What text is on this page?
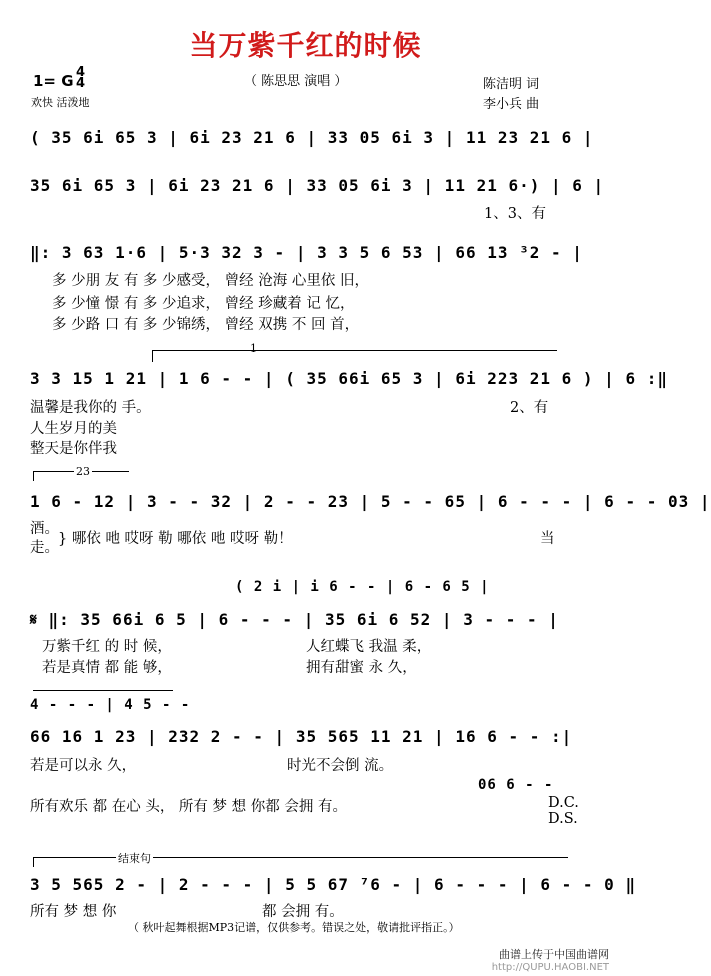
当万紫千红的时候
（ 陈思思 演唱 ）
1= G 4
4
欢快 活泼地
陈洁明 词
李小兵 曲
( 35 6i 65 3 | 6i 23 21 6 | 33 05 6i 3 | 11 23 21 6 |
35 6i 65 3 | 6i 23 21 6 | 33 05 6i 3 | 11 21 6·) | 6 |
1、3、有
‖: 3 63 1·6 | 5·3 32 3 - | 3 3 5 6 53 | 66 13 ³2 - |
多 少朋 友 有 多 少感受， 曾经 沧海 心里依 旧，
多 少憧 憬 有 多 少追求， 曾经 珍藏着 记 忆，
多 少路 口 有 多 少锦绣， 曾经 双携 不 回 首，
1
3 3 15 1 21 | 1 6 - - | ( 35 66i 65 3 | 6i 223 21 6 ) | 6 :‖
温馨是我你的 手。	2、有
人生岁月的美
整天是你伴我
23
1 6 - 12 | 3 - - 32 | 2 - - 23 | 5 - - 65 | 6 - - - | 6 - - 03 |
酒。
走。
} 哪依 吔 哎呀 勒 哪依 吔 哎呀 勒！	当
( 2 i | i 6 - - | 6 - 6 5 |
𝄋 ‖: 35 66i 6 5 | 6 - - - | 35 6i 6 52 | 3 - - - |
万紫千红 的 时 候，
若是真情 都 能 够，
人红蝶飞 我温 柔，
拥有甜蜜 永 久，
4 - - - | 4 5 - -
66 16 1 23 | 232 2 - - | 35 565 11 21 | 16 6 - - :|
若是可以永 久，	时光不会倒 流。
06 6 - -
所有欢乐 都 在心 头， 所有 梦 想 你都 会拥 有。	D.C.
D.S.
结束句
3 5 565 2 - | 2 - - - | 5 5 67 ⁷6 - | 6 - - - | 6 - - 0 ‖
所有 梦 想 你	都 会拥 有。
（ 秋叶起舞根据MP3记谱，仅供参考。错误之处，敬请批评指正。）
曲谱上传于中国曲谱网
http://QUPU.HAOBI.NET
